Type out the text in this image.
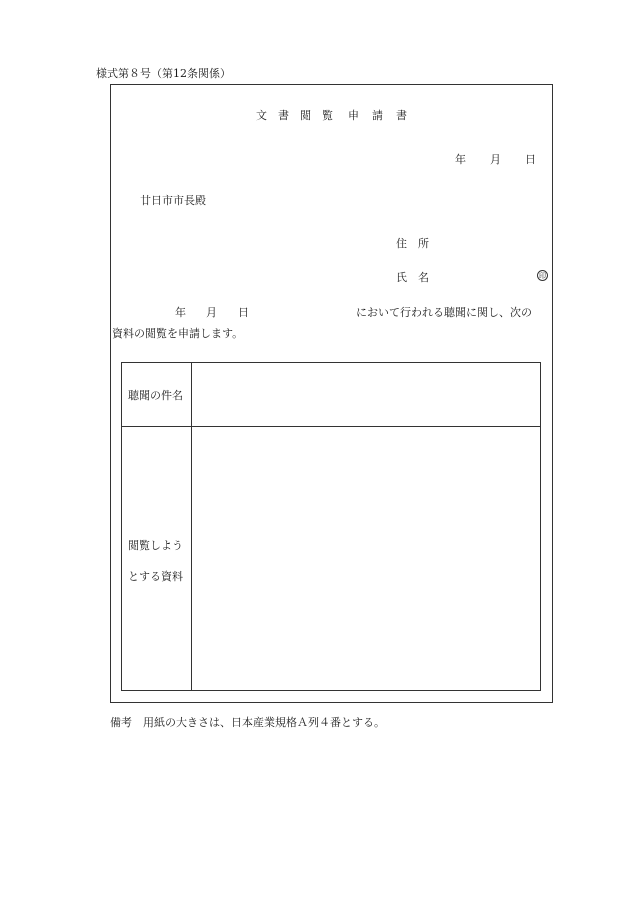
様式第８号（第12条関係）
文 書 閲 覧 申 請 書
年 月 日
廿日市市長殿
住　所
氏　名	印
年 月 日	において行われる聴聞に関し、次の
資料の閲覧を申請します。
聴聞の件名
閲覧しよう
とする資料
備考　用紙の大きさは、日本産業規格Ａ列４番とする。
